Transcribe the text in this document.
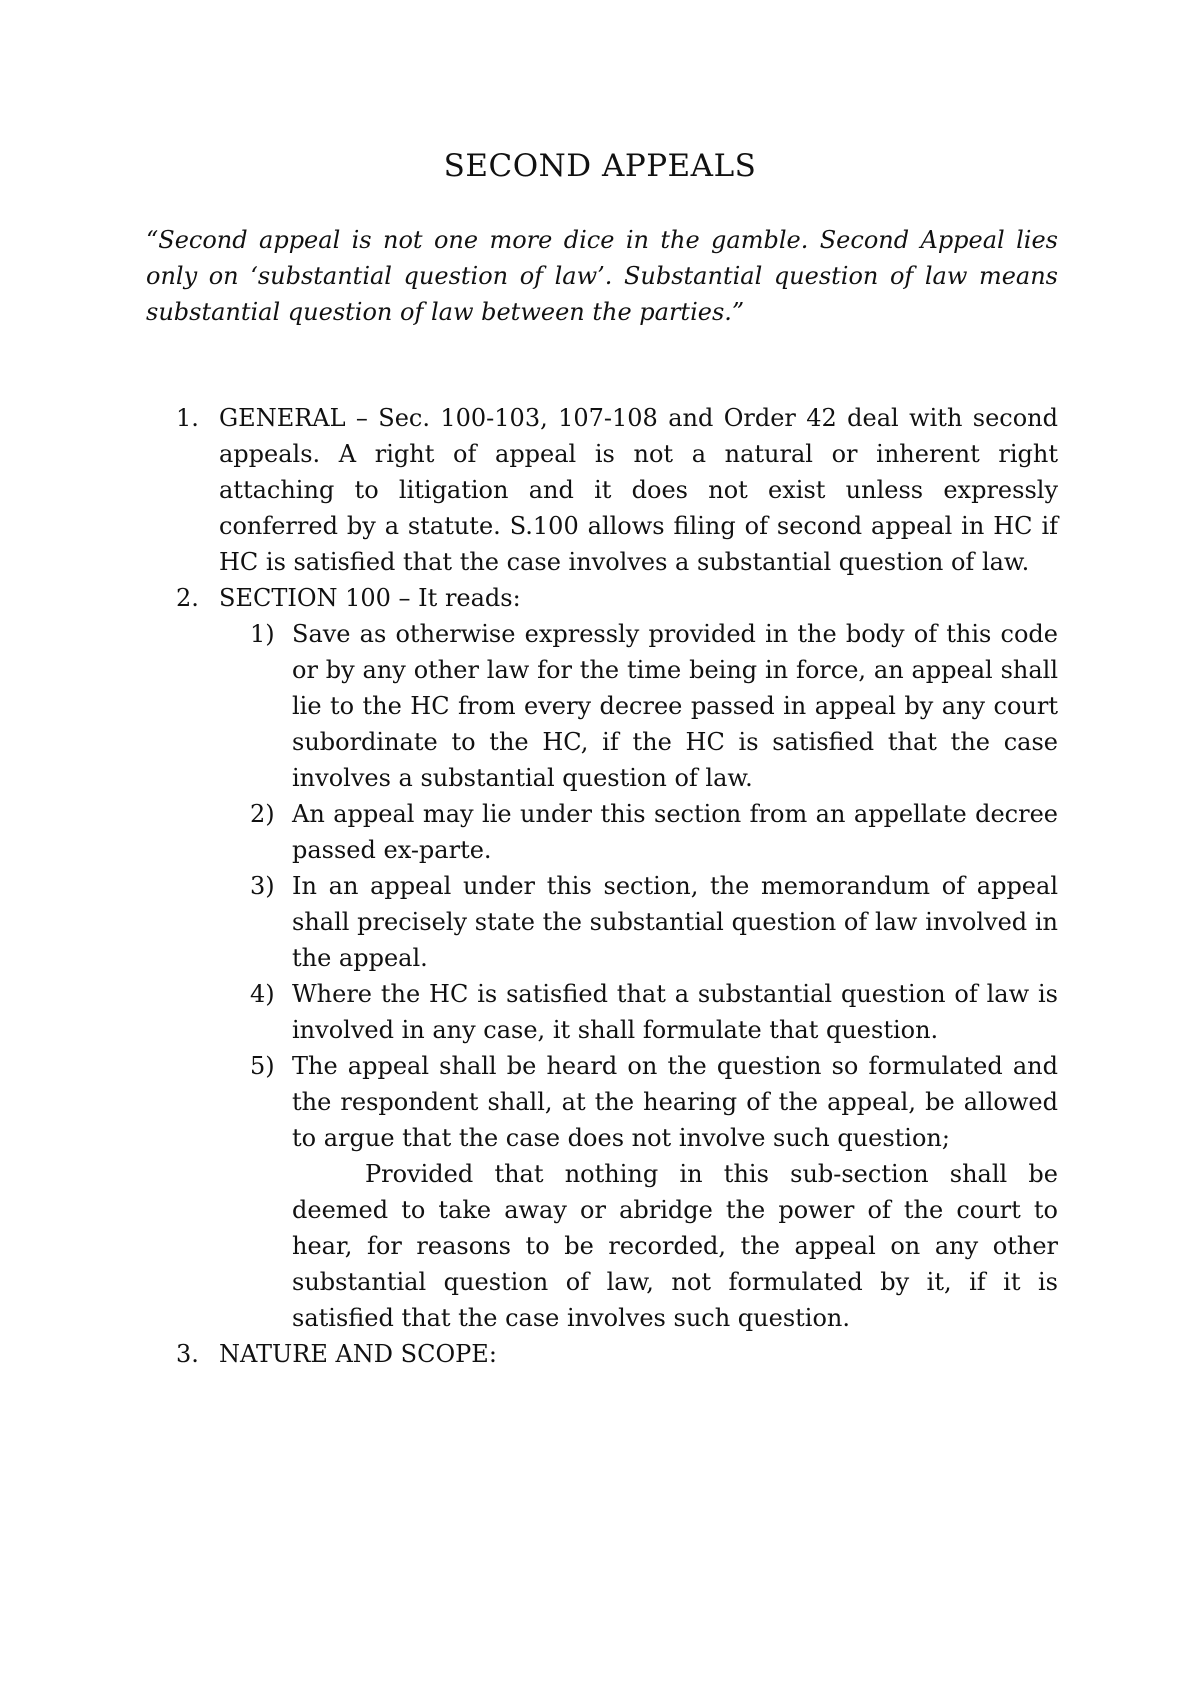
SECOND APPEALS

“Second appeal is not one more dice in the gamble. Second Appeal lies only on ‘substantial question of law’. Substantial question of law means substantial question of law between the parties.”

1. GENERAL – Sec. 100-103, 107-108 and Order 42 deal with second appeals. A right of appeal is not a natural or inherent right attaching to litigation and it does not exist unless expressly conferred by a statute. S.100 allows filing of second appeal in HC if HC is satisfied that the case involves a substantial question of law.
2. SECTION 100 – It reads:
1) Save as otherwise expressly provided in the body of this code or by any other law for the time being in force, an appeal shall lie to the HC from every decree passed in appeal by any court subordinate to the HC, if the HC is satisfied that the case involves a substantial question of law.
2) An appeal may lie under this section from an appellate decree passed ex-parte.
3) In an appeal under this section, the memorandum of appeal shall precisely state the substantial question of law involved in the appeal.
4) Where the HC is satisfied that a substantial question of law is involved in any case, it shall formulate that question.
5) The appeal shall be heard on the question so formulated and the respondent shall, at the hearing of the appeal, be allowed to argue that the case does not involve such question;
Provided that nothing in this sub-section shall be deemed to take away or abridge the power of the court to hear, for reasons to be recorded, the appeal on any other substantial question of law, not formulated by it, if it is satisfied that the case involves such question.
3. NATURE AND SCOPE:
